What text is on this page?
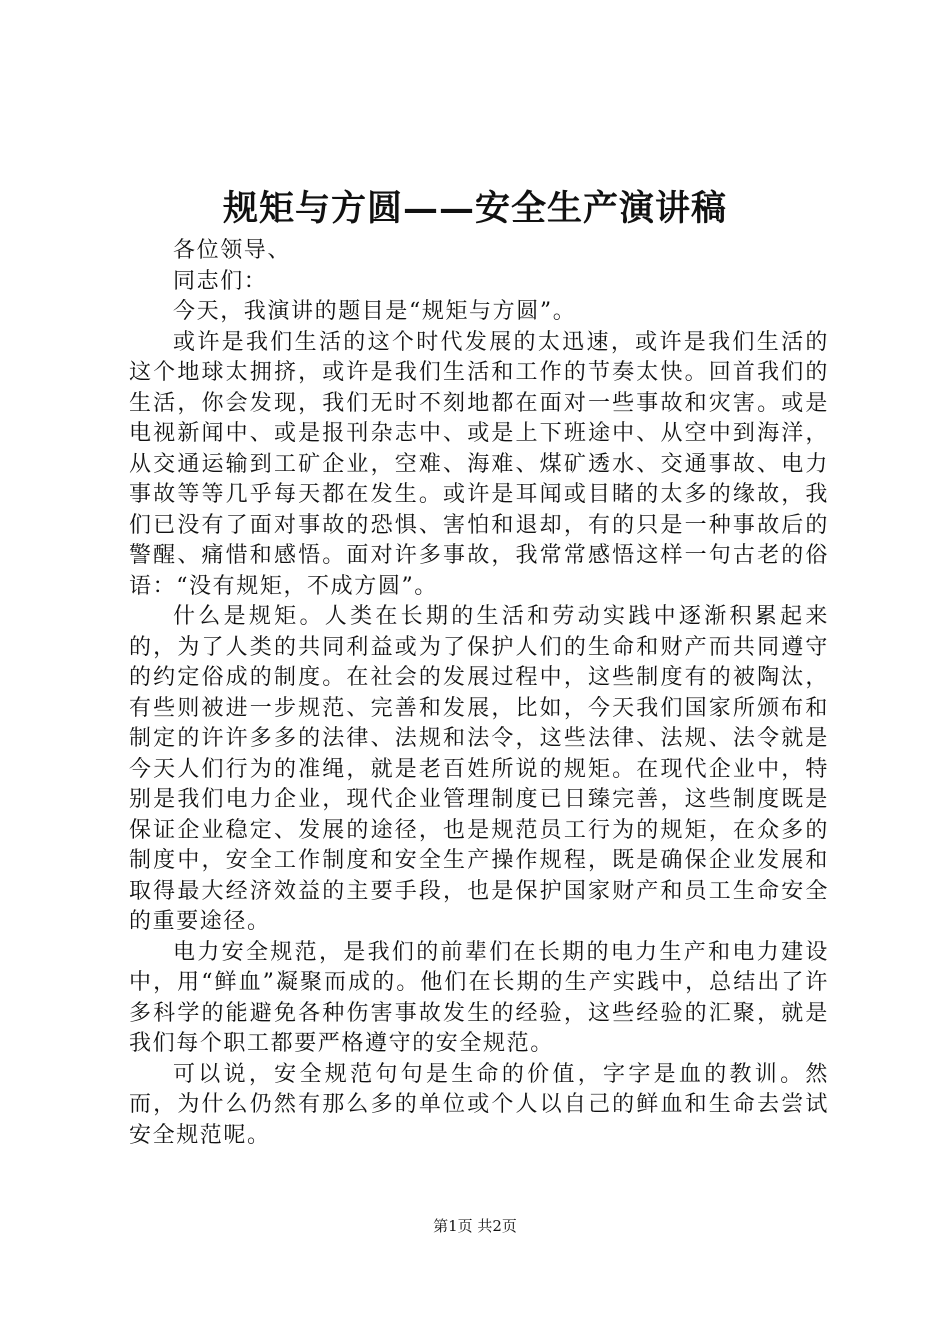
规矩与方圆——安全生产演讲稿

各位领导、

同志们：

今天，我演讲的题目是“规矩与方圆”。

或许是我们生活的这个时代发展的太迅速，或许是我们生活的这个地球太拥挤，或许是我们生活和工作的节奏太快。回首我们的生活，你会发现，我们无时不刻地都在面对一些事故和灾害。或是电视新闻中、或是报刊杂志中、或是上下班途中、从空中到海洋，从交通运输到工矿企业，空难、海难、煤矿透水、交通事故、电力事故等等几乎每天都在发生。或许是耳闻或目睹的太多的缘故，我们已没有了面对事故的恐惧、害怕和退却，有的只是一种事故后的警醒、痛惜和感悟。面对许多事故，我常常感悟这样一句古老的俗语：“没有规矩，不成方圆”。

什么是规矩。人类在长期的生活和劳动实践中逐渐积累起来的，为了人类的共同利益或为了保护人们的生命和财产而共同遵守的约定俗成的制度。在社会的发展过程中，这些制度有的被陶汰，有些则被进一步规范、完善和发展，比如，今天我们国家所颁布和制定的许许多多的法律、法规和法令，这些法律、法规、法令就是今天人们行为的准绳，就是老百姓所说的规矩。在现代企业中，特别是我们电力企业，现代企业管理制度已日臻完善，这些制度既是保证企业稳定、发展的途径，也是规范员工行为的规矩，在众多的制度中，安全工作制度和安全生产操作规程，既是确保企业发展和取得最大经济效益的主要手段，也是保护国家财产和员工生命安全的重要途径。

电力安全规范，是我们的前辈们在长期的电力生产和电力建设中，用“鲜血”凝聚而成的。他们在长期的生产实践中，总结出了许多科学的能避免各种伤害事故发生的经验，这些经验的汇聚，就是我们每个职工都要严格遵守的安全规范。

可以说，安全规范句句是生命的价值，字字是血的教训。然而，为什么仍然有那么多的单位或个人以自己的鲜血和生命去尝试安全规范呢。

第1页 共2页
